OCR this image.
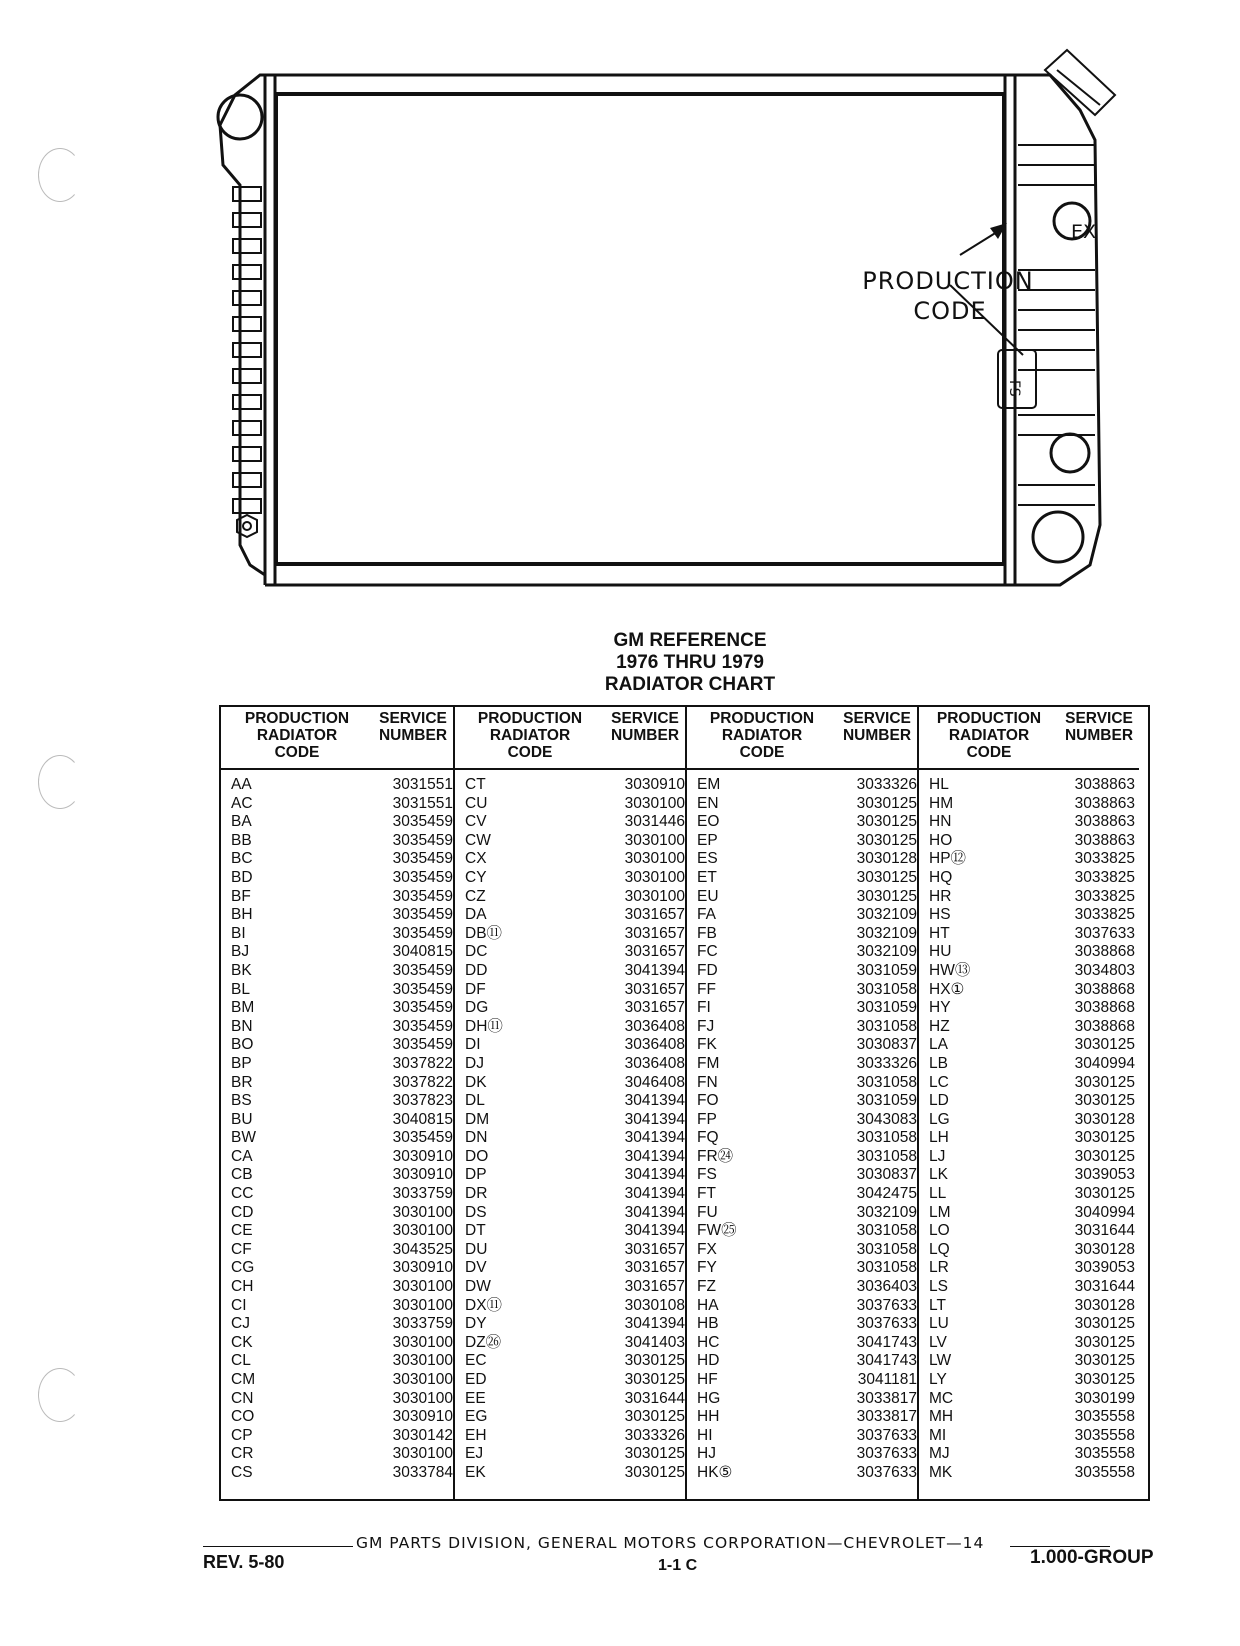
FS
EX
PRODUCTION
CODE
GM REFERENCE
1976 THRU 1979
RADIATOR CHART
PRODUCTION
RADIATOR
CODE
SERVICE
NUMBER
AA	3031551
AC	3031551
BA	3035459
BB	3035459
BC	3035459
BD	3035459
BF	3035459
BH	3035459
BI	3035459
BJ	3040815
BK	3035459
BL	3035459
BM	3035459
BN	3035459
BO	3035459
BP	3037822
BR	3037822
BS	3037823
BU	3040815
BW	3035459
CA	3030910
CB	3030910
CC	3033759
CD	3030100
CE	3030100
CF	3043525
CG	3030910
CH	3030100
CI	3030100
CJ	3033759
CK	3030100
CL	3030100
CM	3030100
CN	3030100
CO	3030910
CP	3030142
CR	3030100
CS	3033784
PRODUCTION
RADIATOR
CODE
SERVICE
NUMBER
CT	3030910
CU	3030100
CV	3031446
CW	3030100
CX	3030100
CY	3030100
CZ	3030100
DA	3031657
DB⑪	3031657
DC	3031657
DD	3041394
DF	3031657
DG	3031657
DH⑪	3036408
DI	3036408
DJ	3036408
DK	3046408
DL	3041394
DM	3041394
DN	3041394
DO	3041394
DP	3041394
DR	3041394
DS	3041394
DT	3041394
DU	3031657
DV	3031657
DW	3031657
DX⑪	3030108
DY	3041394
DZ㉖	3041403
EC	3030125
ED	3030125
EE	3031644
EG	3030125
EH	3033326
EJ	3030125
EK	3030125
PRODUCTION
RADIATOR
CODE
SERVICE
NUMBER
EM	3033326
EN	3030125
EO	3030125
EP	3030125
ES	3030128
ET	3030125
EU	3030125
FA	3032109
FB	3032109
FC	3032109
FD	3031059
FF	3031058
FI	3031059
FJ	3031058
FK	3030837
FM	3033326
FN	3031058
FO	3031059
FP	3043083
FQ	3031058
FR㉔	3031058
FS	3030837
FT	3042475
FU	3032109
FW㉕	3031058
FX	3031058
FY	3031058
FZ	3036403
HA	3037633
HB	3037633
HC	3041743
HD	3041743
HF	3041181
HG	3033817
HH	3033817
HI	3037633
HJ	3037633
HK⑤	3037633
PRODUCTION
RADIATOR
CODE
SERVICE
NUMBER
HL	3038863
HM	3038863
HN	3038863
HO	3038863
HP⑫	3033825
HQ	3033825
HR	3033825
HS	3033825
HT	3037633
HU	3038868
HW⑬	3034803
HX①	3038868
HY	3038868
HZ	3038868
LA	3030125
LB	3040994
LC	3030125
LD	3030125
LG	3030128
LH	3030125
LJ	3030125
LK	3039053
LL	3030125
LM	3040994
LO	3031644
LQ	3030128
LR	3039053
LS	3031644
LT	3030128
LU	3030125
LV	3030125
LW	3030125
LY	3030125
MC	3030199
MH	3035558
MI	3035558
MJ	3035558
MK	3035558
GM PARTS DIVISION, GENERAL MOTORS CORPORATION—CHEVROLET—14
REV. 5-80	1-1 C	1.000-GROUP
